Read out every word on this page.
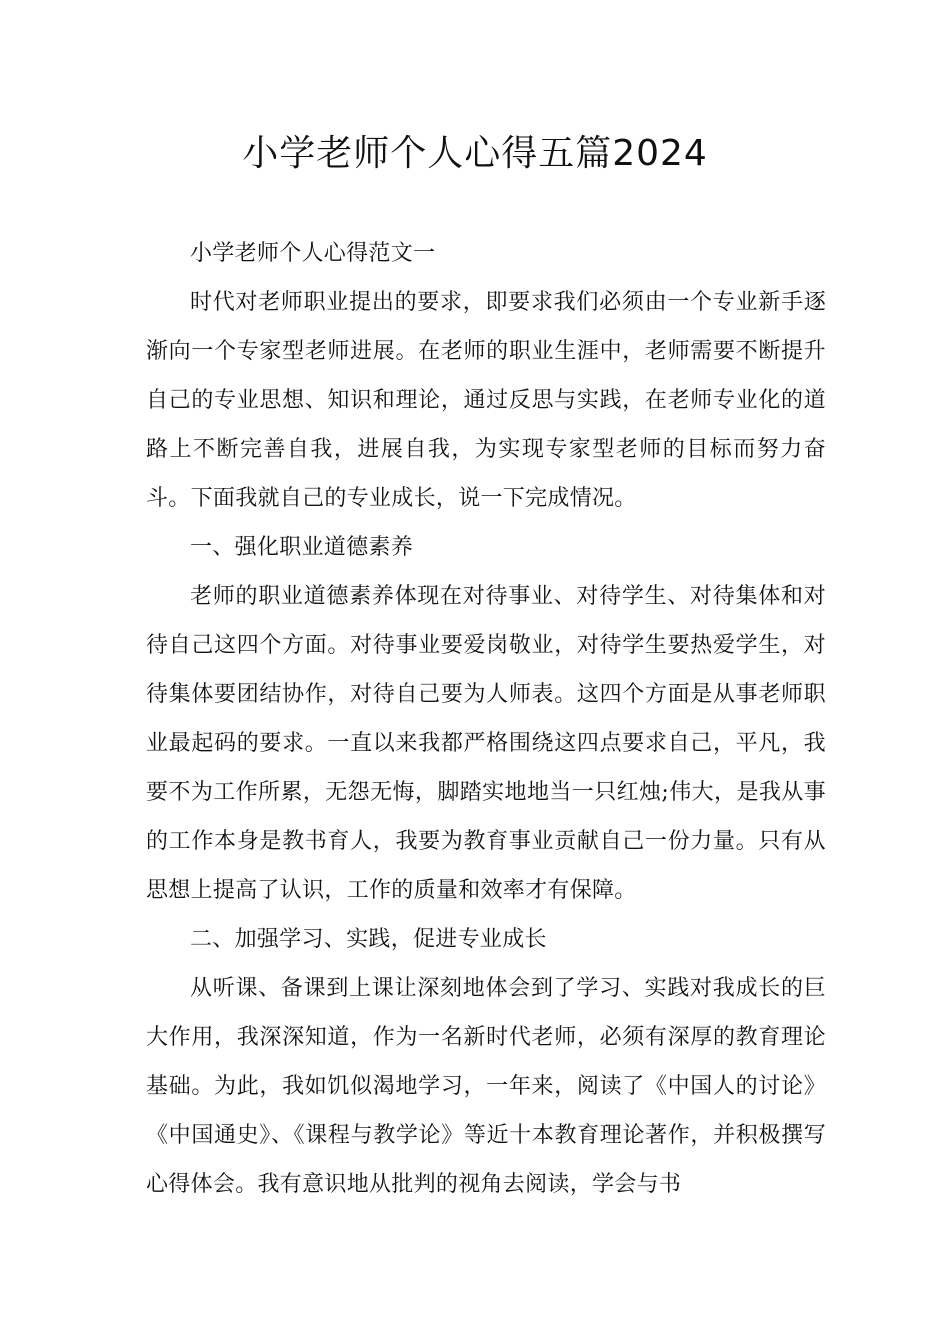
小学老师个人心得五篇2024

小学老师个人心得范文一

时代对老师职业提出的要求，即要求我们必须由一个专业新手逐渐向一个专家型老师进展。在老师的职业生涯中，老师需要不断提升自己的专业思想、知识和理论，通过反思与实践，在老师专业化的道路上不断完善自我，进展自我，为实现专家型老师的目标而努力奋斗。下面我就自己的专业成长，说一下完成情况。

一、强化职业道德素养

老师的职业道德素养体现在对待事业、对待学生、对待集体和对待自己这四个方面。对待事业要爱岗敬业，对待学生要热爱学生，对待集体要团结协作，对待自己要为人师表。这四个方面是从事老师职业最起码的要求。一直以来我都严格围绕这四点要求自己，平凡，我要不为工作所累，无怨无悔，脚踏实地地当一只红烛;伟大，是我从事的工作本身是教书育人，我要为教育事业贡献自己一份力量。只有从思想上提高了认识，工作的质量和效率才有保障。

二、加强学习、实践，促进专业成长

从听课、备课到上课让深刻地体会到了学习、实践对我成长的巨大作用，我深深知道，作为一名新时代老师，必须有深厚的教育理论基础。为此，我如饥似渴地学习，一年来，阅读了《中国人的讨论》《中国通史》、《课程与教学论》等近十本教育理论著作，并积极撰写心得体会。我有意识地从批判的视角去阅读，学会与书
